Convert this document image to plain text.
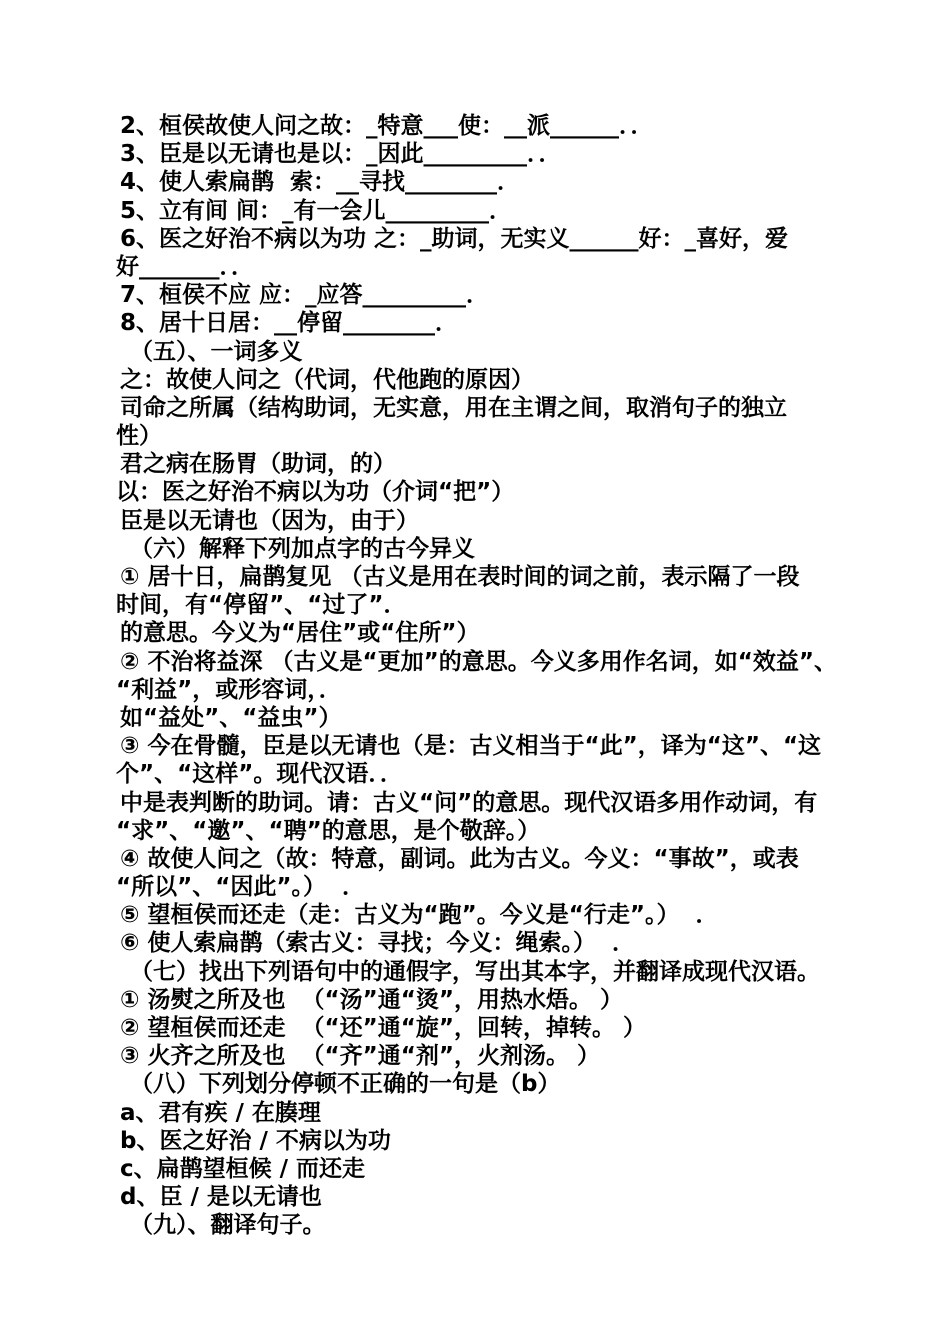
2、桓侯故使人问之故：_特意___使：__派______．．
3、臣是以无请也是以：_因此_________．．
4、使人索扁鹊  索：__寻找________．
5、立有间 间：_有一会儿_________．
6、医之好治不病以为功 之：_助词，无实义______好：_喜好，爱
好_______．．
7、桓侯不应 应：_应答_________．
8、居十日居：__停留________．
（五）、一词多义
之：故使人问之（代词，代他跑的原因）
司命之所属（结构助词，无实意，用在主谓之间，取消句子的独立
性）
君之病在肠胃（助词，的）
以：医之好治不病以为功（介词“把”）
臣是以无请也（因为，由于）
（六）解释下列加点字的古今异义
① 居十日，扁鹊复见 （古义是用在表时间的词之前，表示隔了一段
时间，有“停留”、“过了”．
的意思。今义为“居住”或“住所”）
② 不治将益深 （古义是“更加”的意思。今义多用作名词，如“效益”、
“利益”，或形容词，．
如“益处”、“益虫”）
③ 今在骨髓，臣是以无请也（是：古义相当于“此”，译为“这”、“这
个”、“这样”。现代汉语．．
中是表判断的助词。请：古义“问”的意思。现代汉语多用作动词，有
“求”、“邀”、“聘”的意思，是个敬辞。）
④ 故使人问之（故：特意，副词。此为古义。今义：“事故”，或表
“所以”、“因此”。）  ．
⑤ 望桓侯而还走（走：古义为“跑”。今义是“行走”。）  ．
⑥ 使人索扁鹊（索古义：寻找；今义：绳索。）  ．
（七）找出下列语句中的通假字，写出其本字，并翻译成现代汉语。
① 汤熨之所及也  （“汤”通“烫”，用热水焐。 ）
② 望桓侯而还走  （“还”通“旋”，回转，掉转。 ）
③ 火齐之所及也  （“齐”通“剂”，火剂汤。 ）
（八）下列划分停顿不正确的一句是（b）
a、君有疾 / 在腠理
b、医之好治 / 不病以为功
c、扁鹊望桓候 / 而还走
d、臣 / 是以无请也
（九）、翻译句子。
